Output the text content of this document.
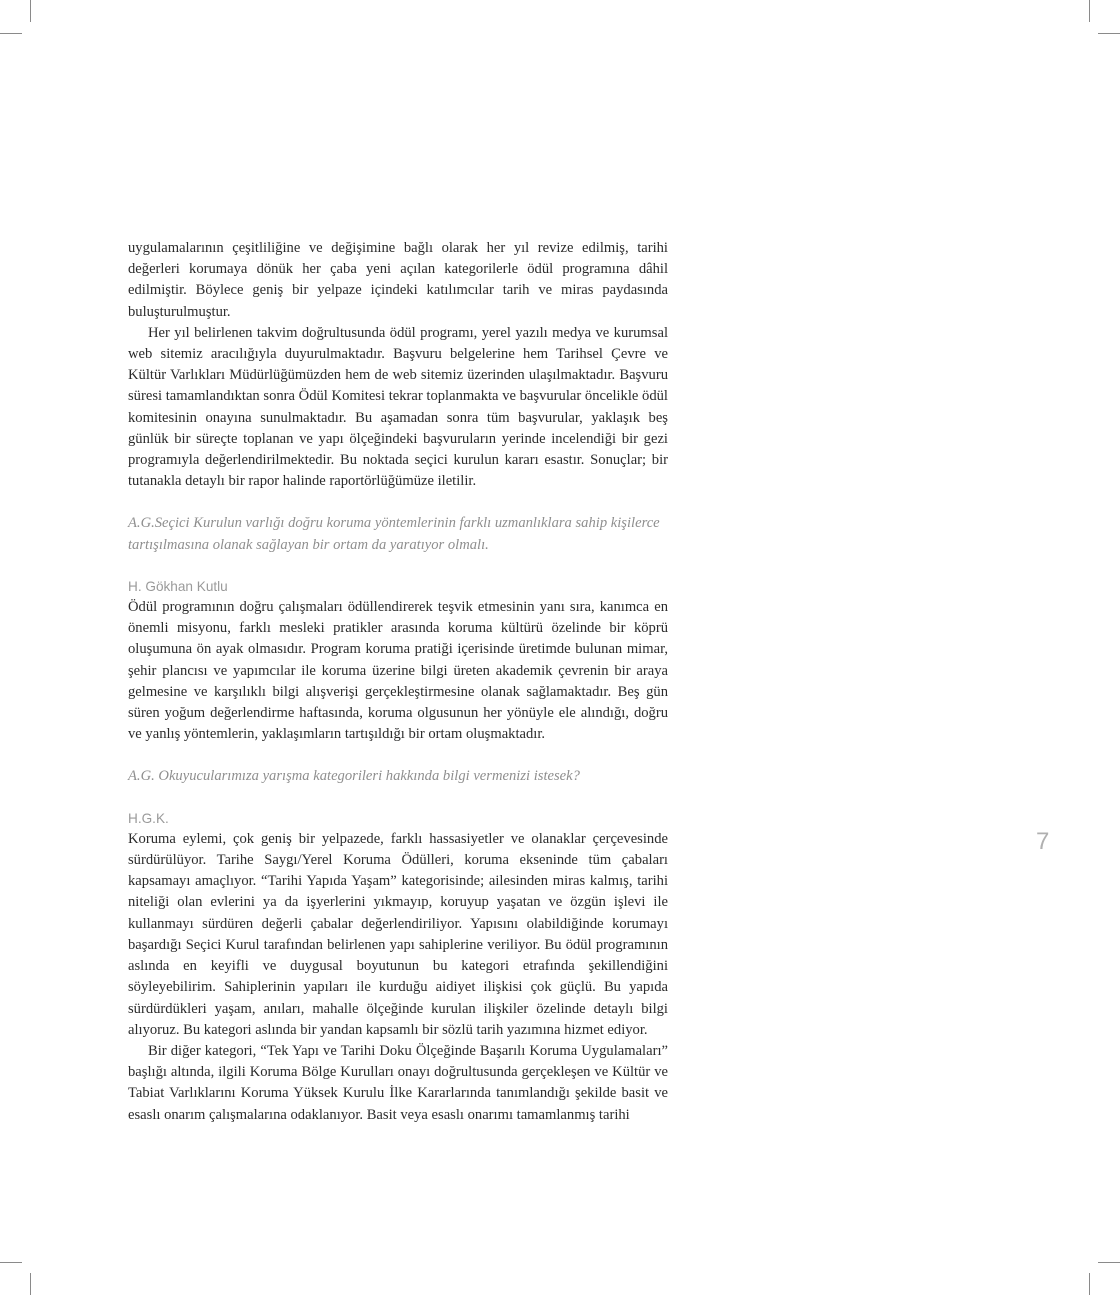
uygulamalarının çeşitliliğine ve değişimine bağlı olarak her yıl revize edilmiş, tarihi değerleri korumaya dönük her çaba yeni açılan kategorilerle ödül programına dâhil edilmiştir. Böylece geniş bir yelpaze içindeki katılımcılar tarih ve miras paydasında buluşturulmuştur.

Her yıl belirlenen takvim doğrultusunda ödül programı, yerel yazılı medya ve kurumsal web sitemiz aracılığıyla duyurulmaktadır. Başvuru belgelerine hem Tarihsel Çevre ve Kültür Varlıkları Müdürlüğümüzden hem de web sitemiz üzerinden ulaşılmaktadır. Başvuru süresi tamamlandıktan sonra Ödül Komitesi tekrar toplanmakta ve başvurular öncelikle ödül komitesinin onayına sunulmaktadır. Bu aşamadan sonra tüm başvurular, yaklaşık beş günlük bir süreçte toplanan ve yapı ölçeğindeki başvuruların yerinde incelendiği bir gezi programıyla değerlendirilmektedir. Bu noktada seçici kurulun kararı esastır. Sonuçlar; bir tutanakla detaylı bir rapor halinde raportörlüğümüze iletilir.

A.G.Seçici Kurulun varlığı doğru koruma yöntemlerinin farklı uzmanlıklara sahip kişilerce tartışılmasına olanak sağlayan bir ortam da yaratıyor olmalı.

H. Gökhan Kutlu

Ödül programının doğru çalışmaları ödüllendirerek teşvik etmesinin yanı sıra, kanımca en önemli misyonu, farklı mesleki pratikler arasında koruma kültürü özelinde bir köprü oluşumuna ön ayak olmasıdır. Program koruma pratiği içerisinde üretimde bulunan mimar, şehir plancısı ve yapımcılar ile koruma üzerine bilgi üreten akademik çevrenin bir araya gelmesine ve karşılıklı bilgi alışverişi gerçekleştirmesine olanak sağlamaktadır. Beş gün süren yoğum değerlendirme haftasında, koruma olgusunun her yönüyle ele alındığı, doğru ve yanlış yöntemlerin, yaklaşımların tartışıldığı bir ortam oluşmaktadır.

A.G. Okuyucularımıza yarışma kategorileri hakkında bilgi vermenizi istesek?

H.G.K.

Koruma eylemi, çok geniş bir yelpazede, farklı hassasiyetler ve olanaklar çerçevesinde sürdürülüyor. Tarihe Saygı/Yerel Koruma Ödülleri, koruma ekseninde tüm çabaları kapsamayı amaçlıyor. “Tarihi Yapıda Yaşam” kategorisinde; ailesinden miras kalmış, tarihi niteliği olan evlerini ya da işyerlerini yıkmayıp, koruyup yaşatan ve özgün işlevi ile kullanmayı sürdüren değerli çabalar değerlendiriliyor. Yapısını olabildiğinde korumayı başardığı Seçici Kurul tarafından belirlenen yapı sahiplerine veriliyor. Bu ödül programının aslında en keyifli ve duygusal boyutunun bu kategori etrafında şekillendiğini söyleyebilirim. Sahiplerinin yapıları ile kurduğu aidiyet ilişkisi çok güçlü. Bu yapıda sürdürdükleri yaşam, anıları, mahalle ölçeğinde kurulan ilişkiler özelinde detaylı bilgi alıyoruz. Bu kategori aslında bir yandan kapsamlı bir sözlü tarih yazımına hizmet ediyor.

Bir diğer kategori, “Tek Yapı ve Tarihi Doku Ölçeğinde Başarılı Koruma Uygulamaları” başlığı altında, ilgili Koruma Bölge Kurulları onayı doğrultusunda gerçekleşen ve Kültür ve Tabiat Varlıklarını Koruma Yüksek Kurulu İlke Kararlarında tanımlandığı şekilde basit ve esaslı onarım çalışmalarına odaklanıyor. Basit veya esaslı onarımı tamamlanmış tarihi

7
